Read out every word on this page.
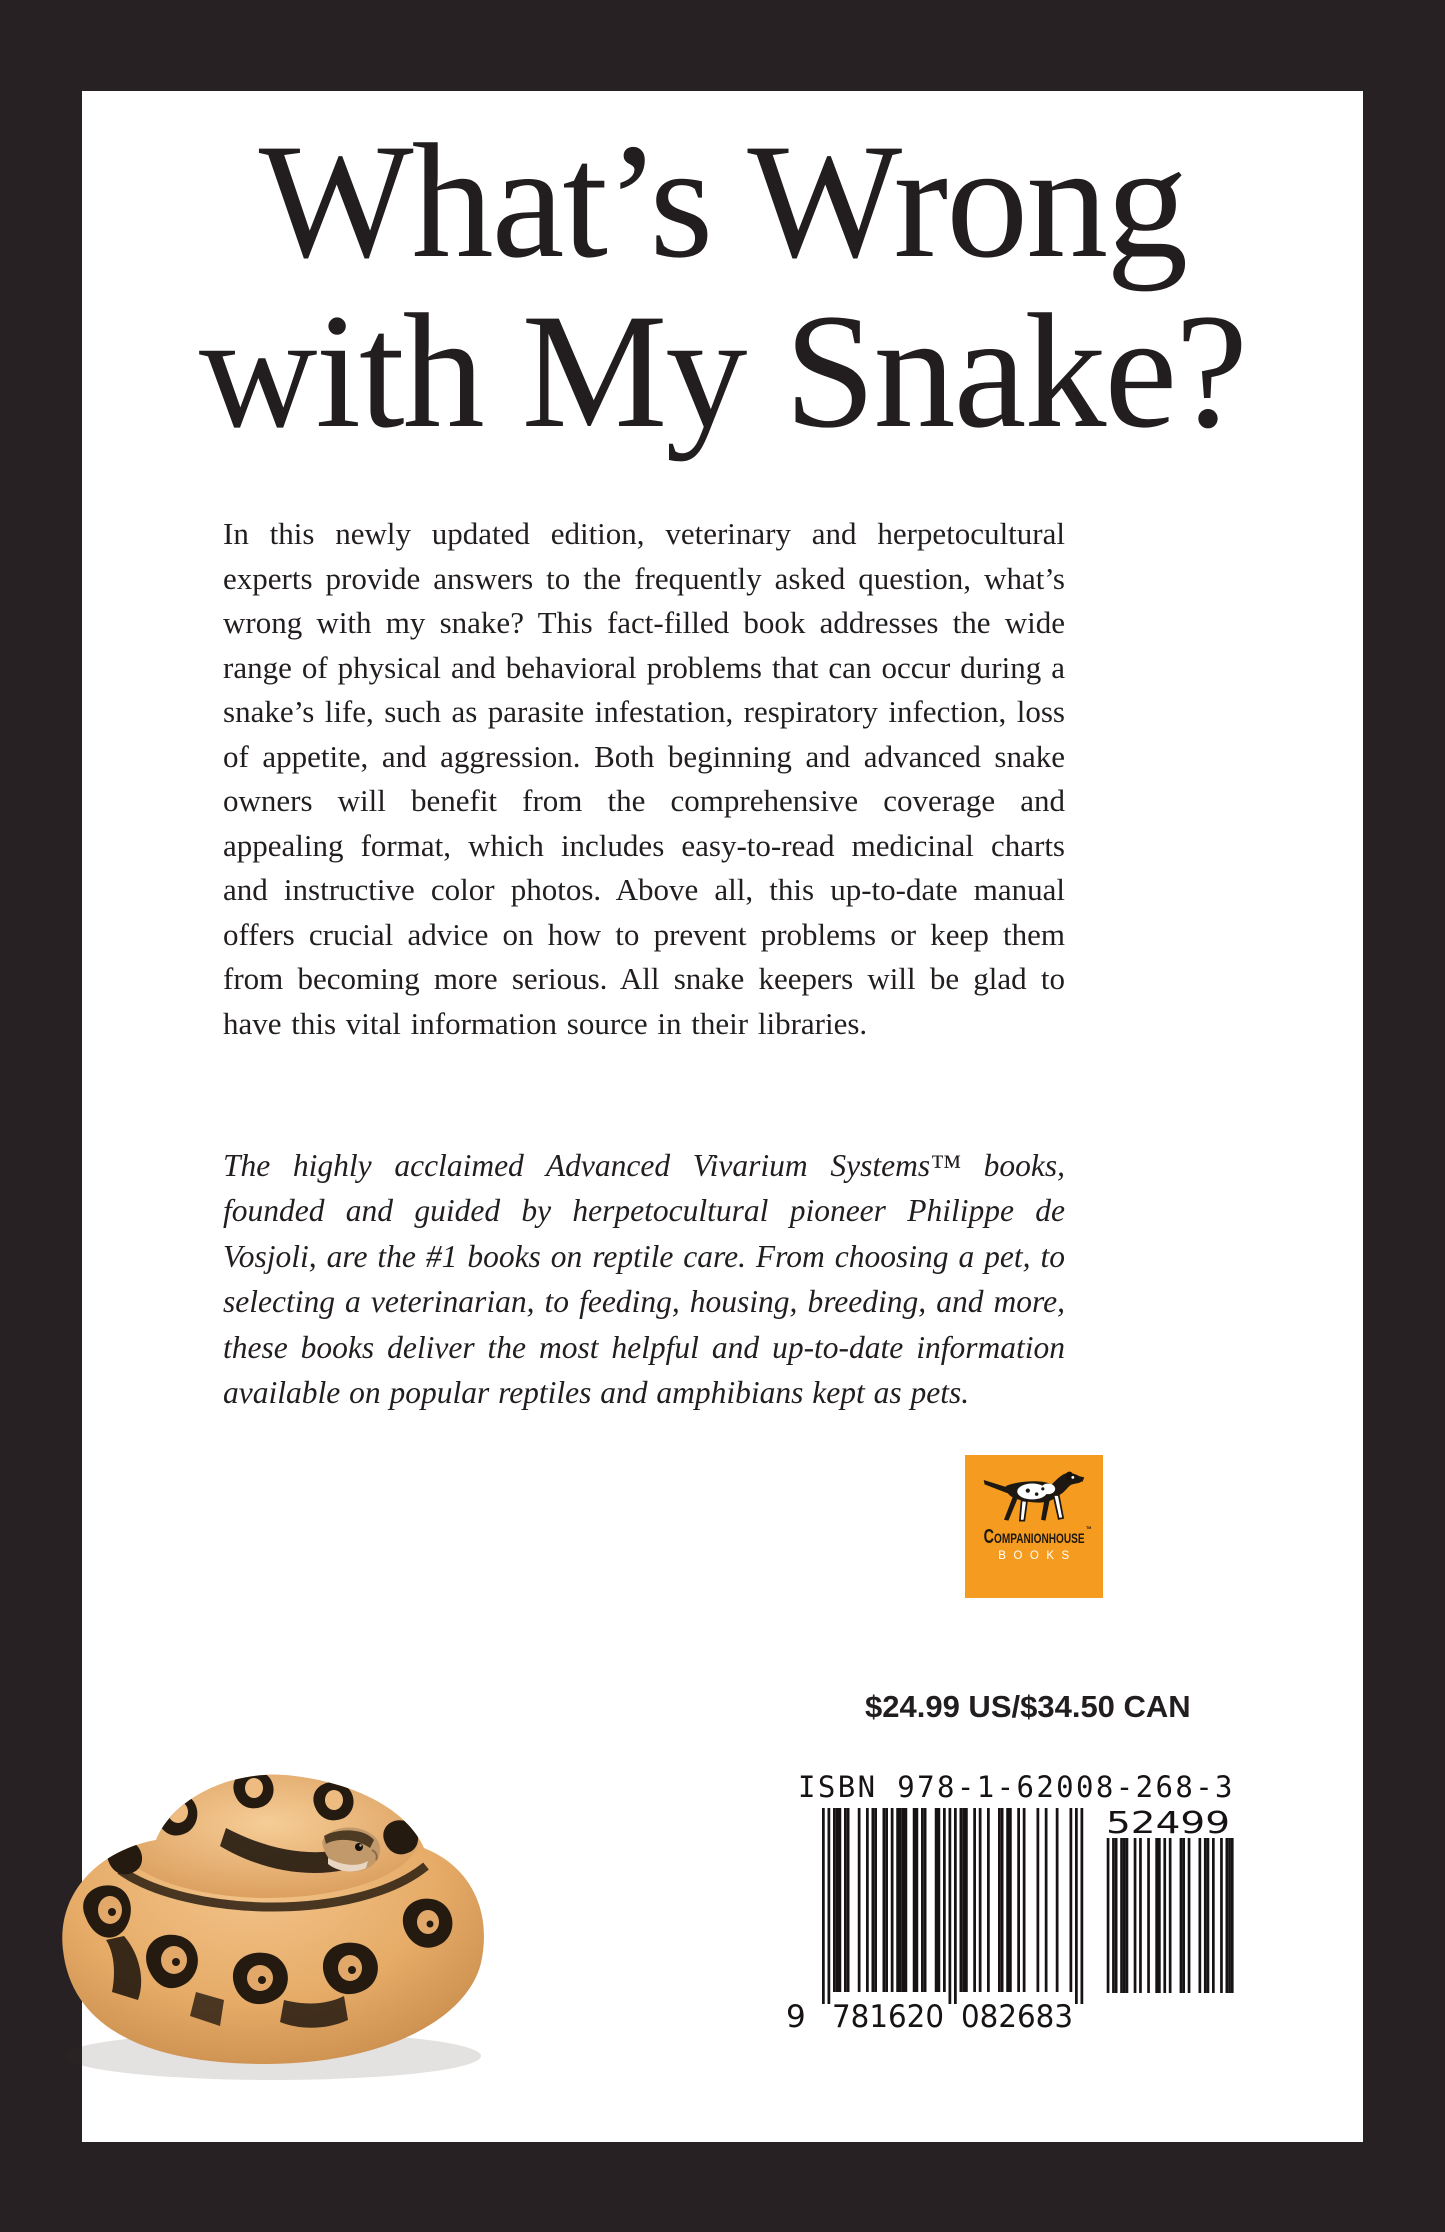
What’s Wrong
with My Snake?

In this newly updated edition, veterinary and herpetocultural experts provide answers to the frequently asked question, what’s wrong with my snake? This fact-filled book addresses the wide range of physical and behavioral problems that can occur during a snake’s life, such as parasite infestation, respiratory infection, loss of appetite, and aggression. Both beginning and advanced snake owners will benefit from the comprehensive coverage and appealing format, which includes easy-to-read medicinal charts and instructive color photos. Above all, this up-to-date manual offers crucial advice on how to prevent problems or keep them from becoming more serious. All snake keepers will be glad to have this vital information source in their libraries.

The highly acclaimed Advanced Vivarium Systems™ books, founded and guided by herpetocultural pioneer Philippe de Vosjoli, are the #1 books on reptile care. From choosing a pet, to selecting a veterinarian, to feeding, housing, breeding, and more, these books deliver the most helpful and up-to-date information available on popular reptiles and amphibians kept as pets.

Companionhouse ™
BOOKS
$24.99 US/$34.50 CAN
ISBN 978-1-62008-268-3
9 781620 082683
52499
